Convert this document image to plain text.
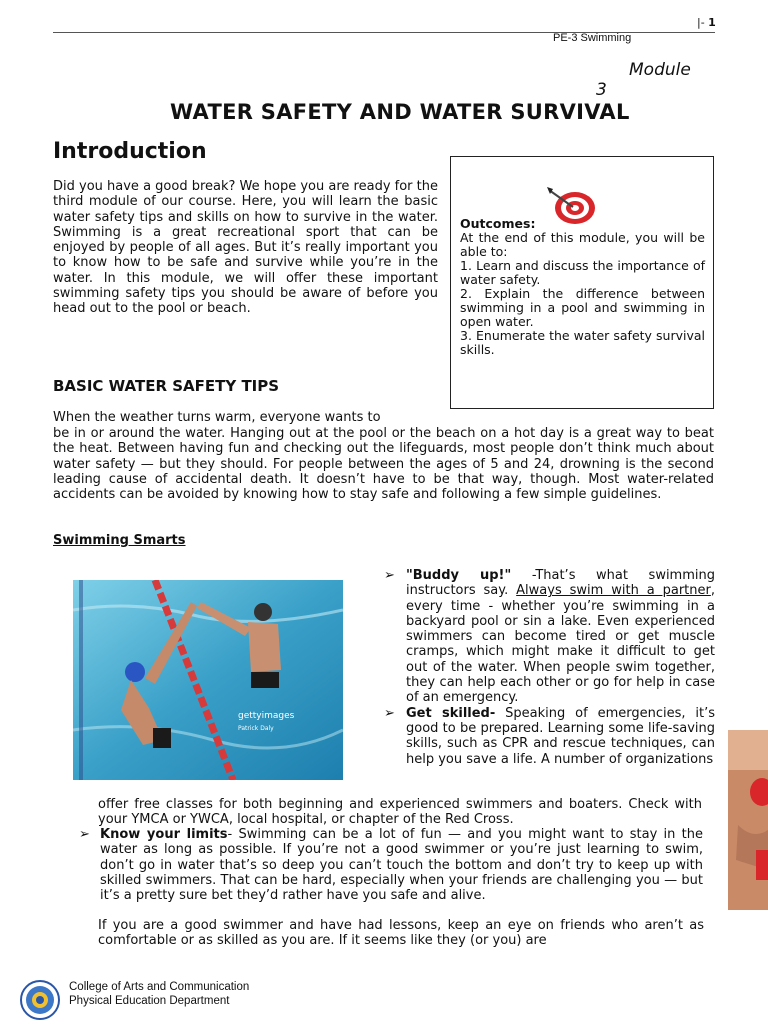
|- 1
PE-3 Swimming
Module
3
WATER SAFETY AND WATER SURVIVAL
Introduction
Did you have a good break? We hope you are ready for the third module of our course. Here, you will learn the basic water safety tips and skills on how to survive in the water. Swimming is a great recreational sport that can be enjoyed by people of all ages. But it’s really important you to know how to be safe and survive while you’re in the water. In this module, we will offer these important swimming safety tips you should be aware of before you head out to the pool or beach.
Outcomes:
At the end of this module, you will be able to:
1. Learn and discuss the importance of water safety.
2. Explain the difference between swimming in a pool and swimming in open water.
3. Enumerate the water safety survival skills.
BASIC WATER SAFETY TIPS
When the weather turns warm, everyone wants to
be in or around the water. Hanging out at the pool or the beach on a hot day is a great way to beat the heat. Between having fun and checking out the lifeguards, most people don’t think much about water safety — but they should. For people between the ages of 5 and 24, drowning is the second leading cause of accidental death. It doesn’t have to be that way, though. Most water-related accidents can be avoided by knowing how to stay safe and following a few simple guidelines.
Swimming Smarts
gettyimages
Patrick Daly
➢ "Buddy up!" -That’s what swimming instructors say. Always swim with a partner, every time - whether you’re swimming in a backyard pool or sin a lake. Even experienced swimmers can become tired or get muscle cramps, which might make it difficult to get out of the water. When people swim together, they can help each other or go for help in case of an emergency.
➢ Get skilled- Speaking of emergencies, it’s good to be prepared. Learning some life-saving skills, such as CPR and rescue techniques, can help you save a life. A number of organizations
offer free classes for both beginning and experienced swimmers and boaters. Check with your YMCA or YWCA, local hospital, or chapter of the Red Cross.
➢ Know your limits- Swimming can be a lot of fun — and you might want to stay in the water as long as possible. If you’re not a good swimmer or you’re just learning to swim, don’t go in water that’s so deep you can’t touch the bottom and don’t try to keep up with skilled swimmers. That can be hard, especially when your friends are challenging you — but it’s a pretty sure bet they’d rather have you safe and alive.
If you are a good swimmer and have had lessons, keep an eye on friends who aren’t as comfortable or as skilled as you are. If it seems like they (or you) are
College of Arts and Communication
Physical Education Department
